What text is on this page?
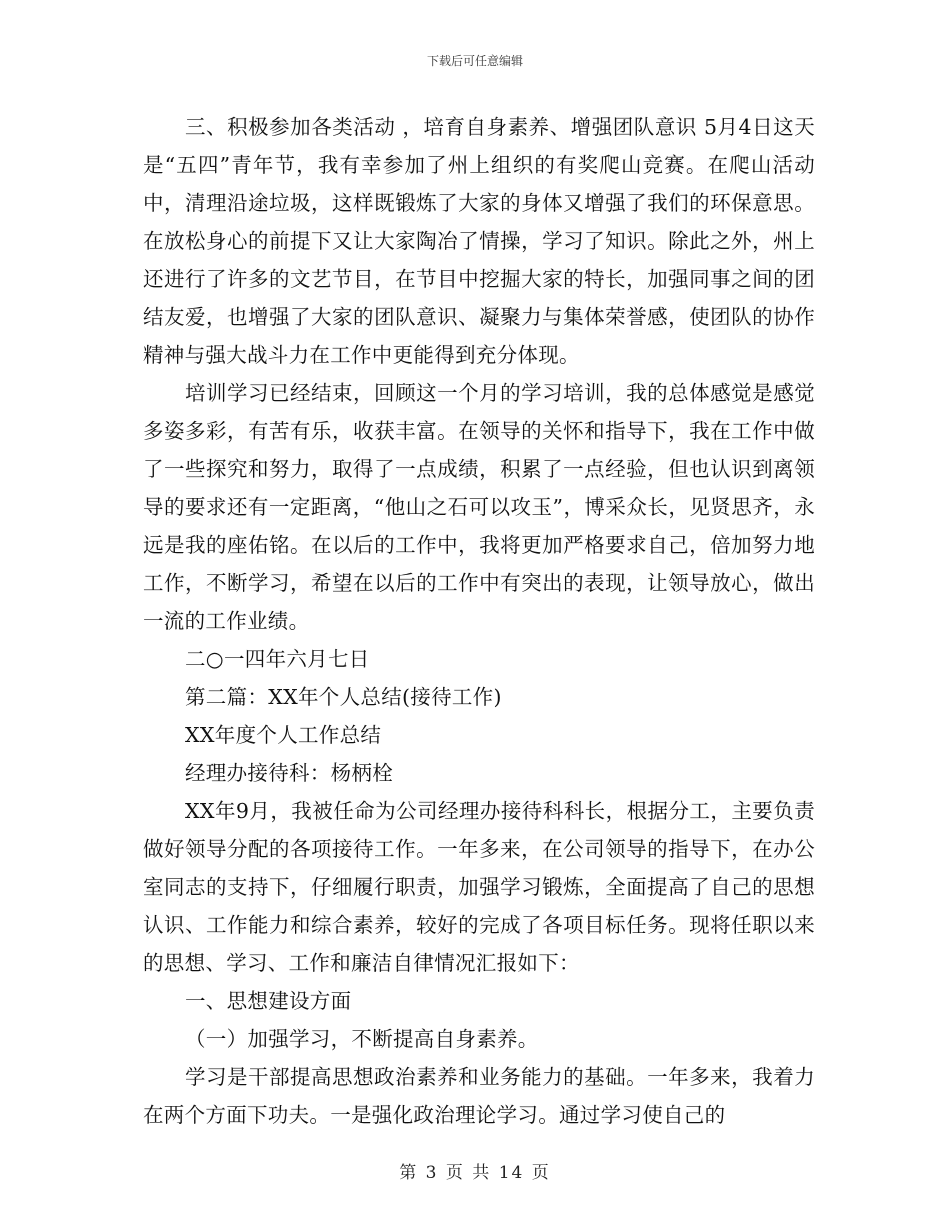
下载后可任意编辑

三、积极参加各类活动 ，培育自身素养、增强团队意识 5月4日这天是“五四”青年节，我有幸参加了州上组织的有奖爬山竞赛。在爬山活动中，清理沿途垃圾，这样既锻炼了大家的身体又增强了我们的环保意思。在放松身心的前提下又让大家陶冶了情操，学习了知识。除此之外，州上还进行了许多的文艺节目，在节目中挖掘大家的特长，加强同事之间的团结友爱，也增强了大家的团队意识、凝聚力与集体荣誉感，使团队的协作精神与强大战斗力在工作中更能得到充分体现。

培训学习已经结束，回顾这一个月的学习培训，我的总体感觉是感觉多姿多彩，有苦有乐，收获丰富。在领导的关怀和指导下，我在工作中做了一些探究和努力，取得了一点成绩，积累了一点经验，但也认识到离领导的要求还有一定距离，“他山之石可以攻玉”，博采众长，见贤思齐，永远是我的座佑铭。在以后的工作中，我将更加严格要求自己，倍加努力地工作，不断学习，希望在以后的工作中有突出的表现，让领导放心，做出一流的工作业绩。

二○一四年六月七日

第二篇：XX年个人总结(接待工作)

XX年度个人工作总结

经理办接待科：杨柄栓

XX年9月，我被任命为公司经理办接待科科长，根据分工，主要负责做好领导分配的各项接待工作。一年多来，在公司领导的指导下，在办公室同志的支持下，仔细履行职责，加强学习锻炼，全面提高了自己的思想认识、工作能力和综合素养，较好的完成了各项目标任务。现将任职以来的思想、学习、工作和廉洁自律情况汇报如下：

一、思想建设方面

（一）加强学习，不断提高自身素养。

学习是干部提高思想政治素养和业务能力的基础。一年多来，我着力在两个方面下功夫。一是强化政治理论学习。通过学习使自己的

第 3 页 共 14 页
